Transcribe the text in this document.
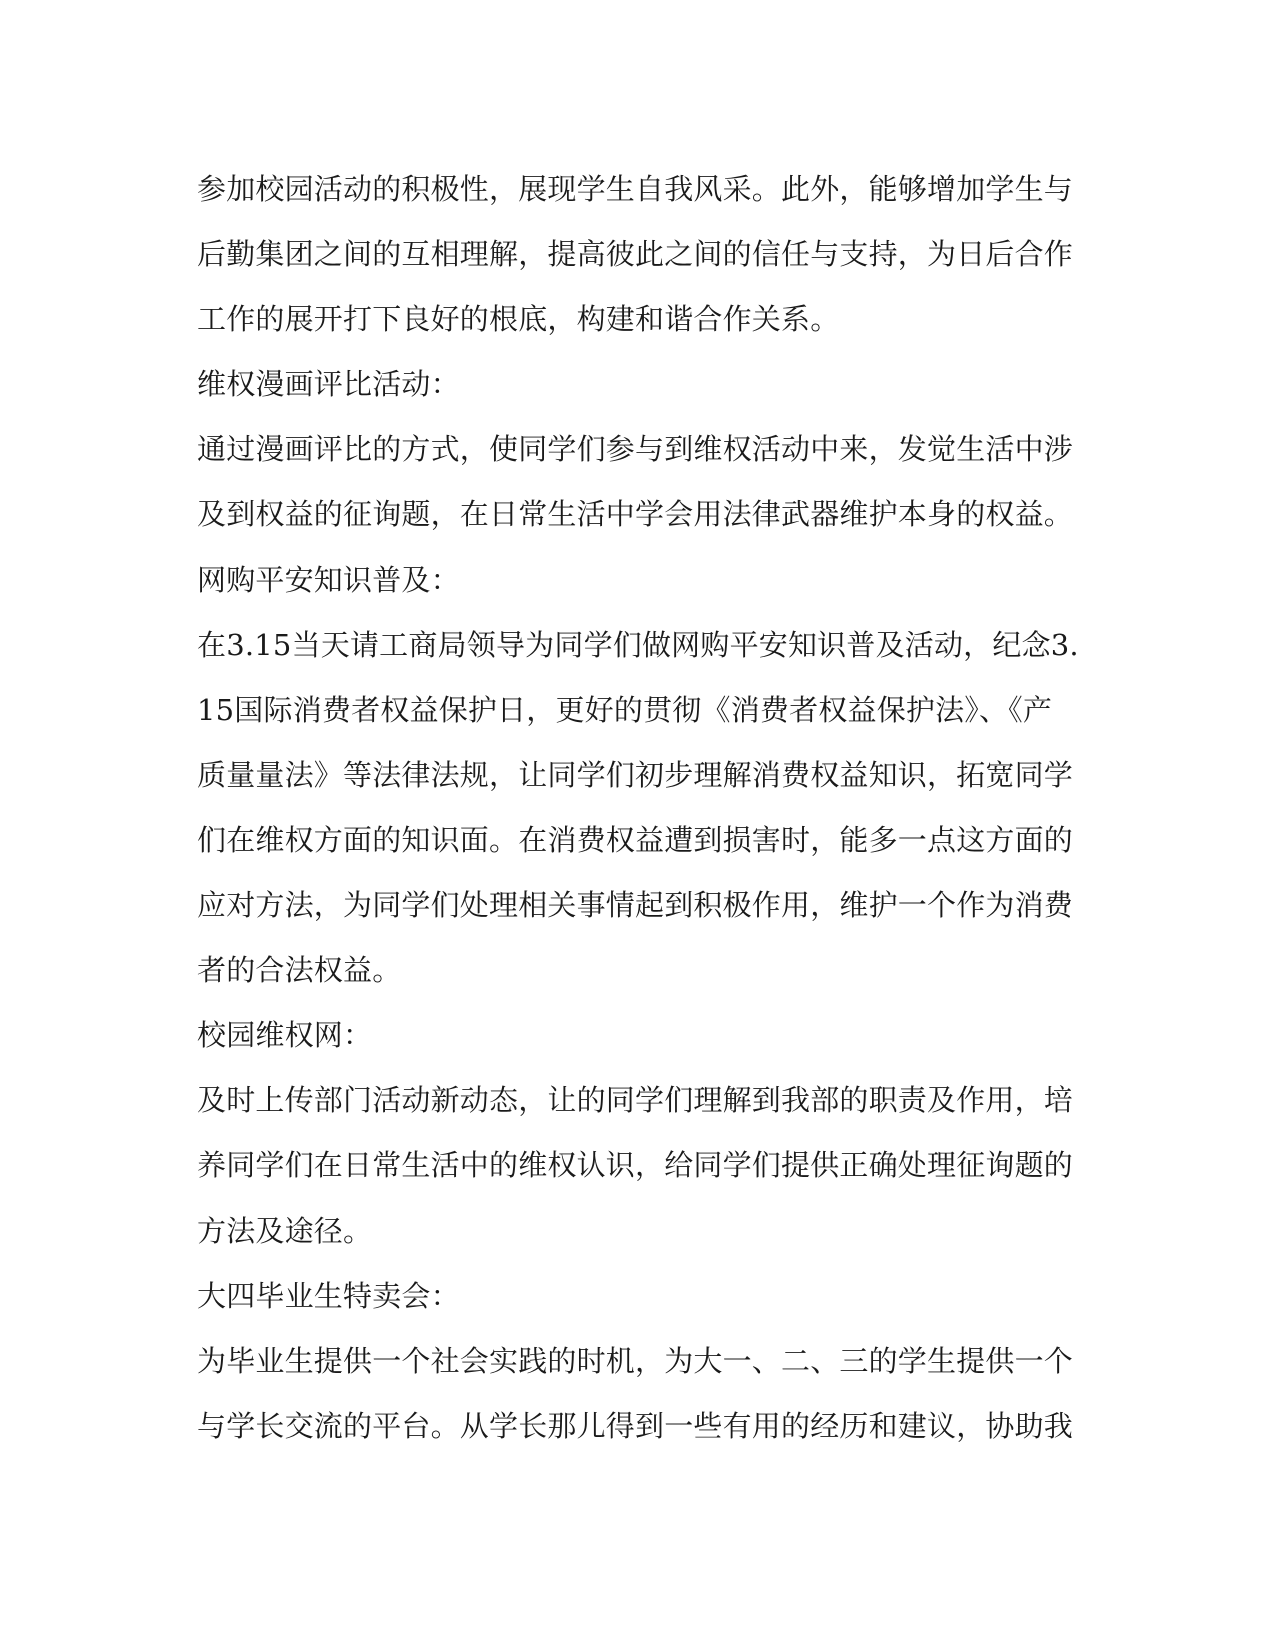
参加校园活动的积极性，展现学生自我风采。此外，能够增加学生与
后勤集团之间的互相理解，提高彼此之间的信任与支持，为日后合作
工作的展开打下良好的根底，构建和谐合作关系。
维权漫画评比活动：
通过漫画评比的方式，使同学们参与到维权活动中来，发觉生活中涉
及到权益的征询题，在日常生活中学会用法律武器维护本身的权益。
网购平安知识普及：
在3.15当天请工商局领导为同学们做网购平安知识普及活动，纪念3.
15国际消费者权益保护日，更好的贯彻《消费者权益保护法》、《产
质量量法》等法律法规，让同学们初步理解消费权益知识，拓宽同学
们在维权方面的知识面。在消费权益遭到损害时，能多一点这方面的
应对方法，为同学们处理相关事情起到积极作用，维护一个作为消费
者的合法权益。
校园维权网：
及时上传部门活动新动态，让的同学们理解到我部的职责及作用，培
养同学们在日常生活中的维权认识，给同学们提供正确处理征询题的
方法及途径。
大四毕业生特卖会：
为毕业生提供一个社会实践的时机，为大一、二、三的学生提供一个
与学长交流的平台。从学长那儿得到一些有用的经历和建议，协助我
